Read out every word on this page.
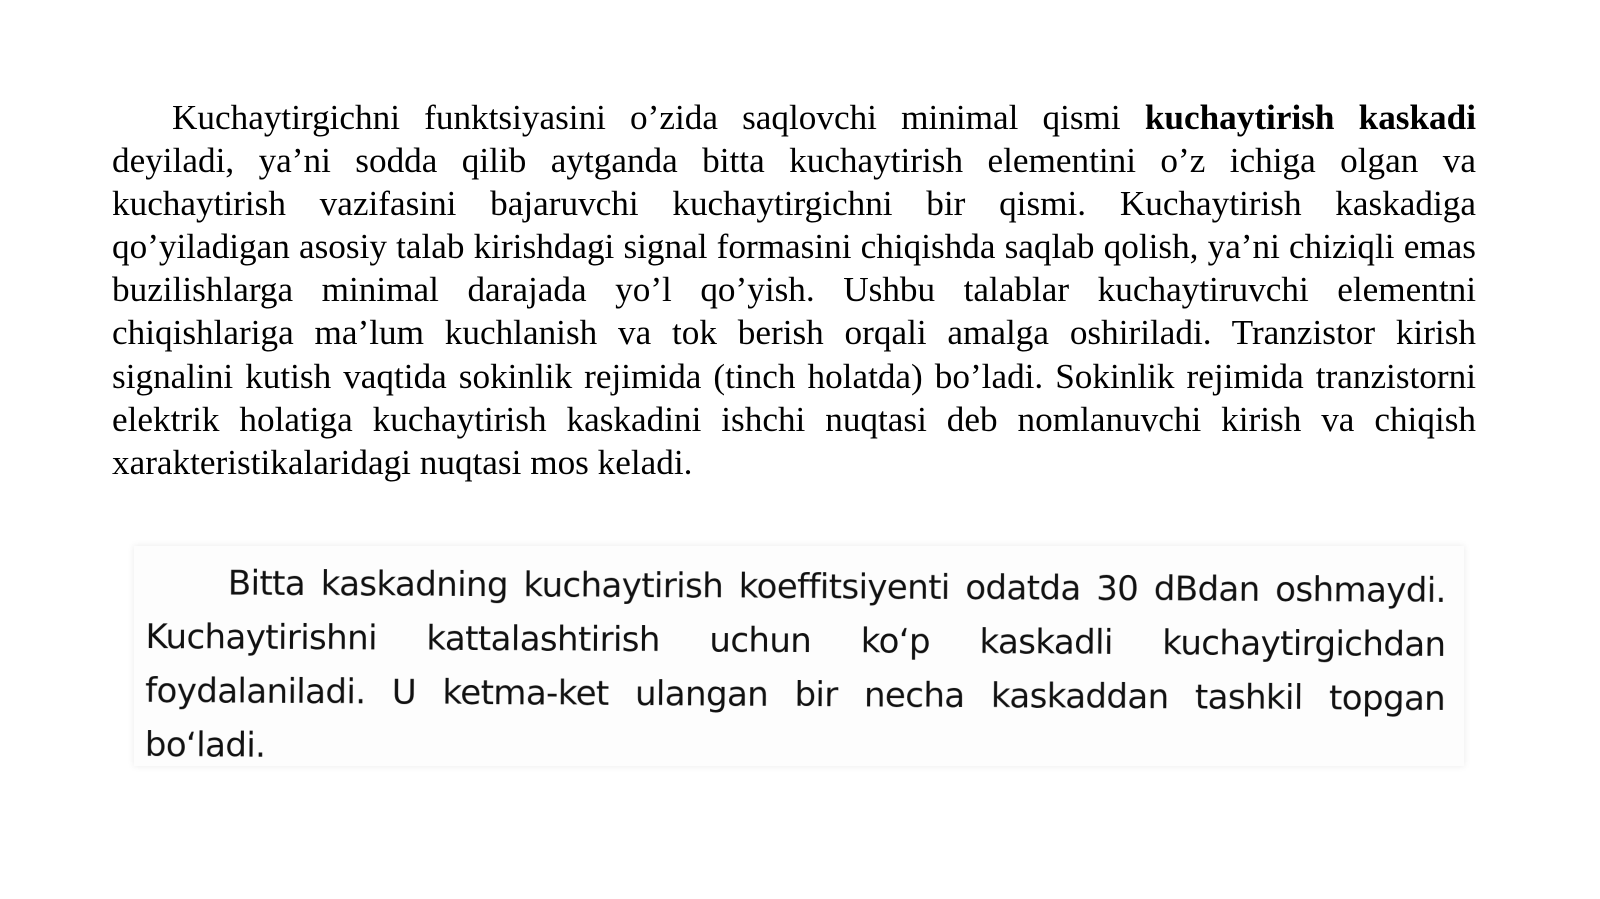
Kuchaytirgichni funktsiyasini o’zida saqlovchi minimal qismi kuchaytirish kaskadi deyiladi, ya’ni sodda qilib aytganda bitta kuchaytirish elementini o’z ichiga olgan va kuchaytirish vazifasini bajaruvchi kuchaytirgichni bir qismi. Kuchaytirish kaskadiga qo’yiladigan asosiy talab kirishdagi signal formasini chiqishda saqlab qolish, ya’ni chiziqli emas buzilishlarga minimal darajada yo’l qo’yish. Ushbu talablar kuchaytiruvchi elementni chiqishlariga ma’lum kuchlanish va tok berish orqali amalga oshiriladi. Tranzistor kirish signalini kutish vaqtida sokinlik rejimida (tinch holatda) bo’ladi. Sokinlik rejimida tranzistorni elektrik holatiga kuchaytirish kaskadini ishchi nuqtasi deb nomlanuvchi kirish va chiqish xarakteristikalaridagi nuqtasi mos keladi.

Bitta kaskadning kuchaytirish koeffitsiyenti odatda 30 dBdan oshmaydi. Kuchaytirishni kattalashtirish uchun ko‘p kaskadli kuchaytirgichdan foydalaniladi. U ketma-ket ulangan bir necha kaskaddan tashkil topgan bo‘ladi.
